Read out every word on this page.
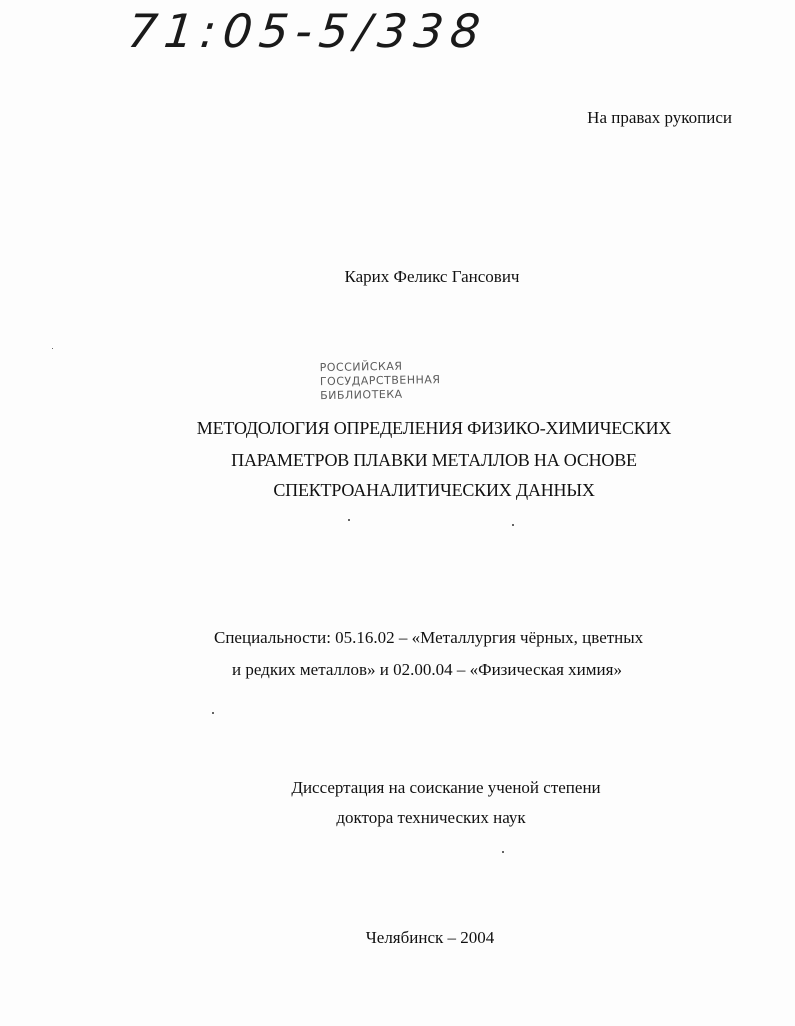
71:05-5/338
На правах рукописи
Карих Феликс Гансович
РОССИЙСКАЯ
ГОСУДАРСТВЕННАЯ
БИБЛИОТЕКА
МЕТОДОЛОГИЯ ОПРЕДЕЛЕНИЯ ФИЗИКО-ХИМИЧЕСКИХ
ПАРАМЕТРОВ ПЛАВКИ МЕТАЛЛОВ НА ОСНОВЕ
СПЕКТРОАНАЛИТИЧЕСКИХ ДАННЫХ
Специальности: 05.16.02 – «Металлургия чёрных, цветных
и редких металлов» и 02.00.04 – «Физическая химия»
Диссертация на соискание ученой степени
доктора технических наук
Челябинск – 2004
